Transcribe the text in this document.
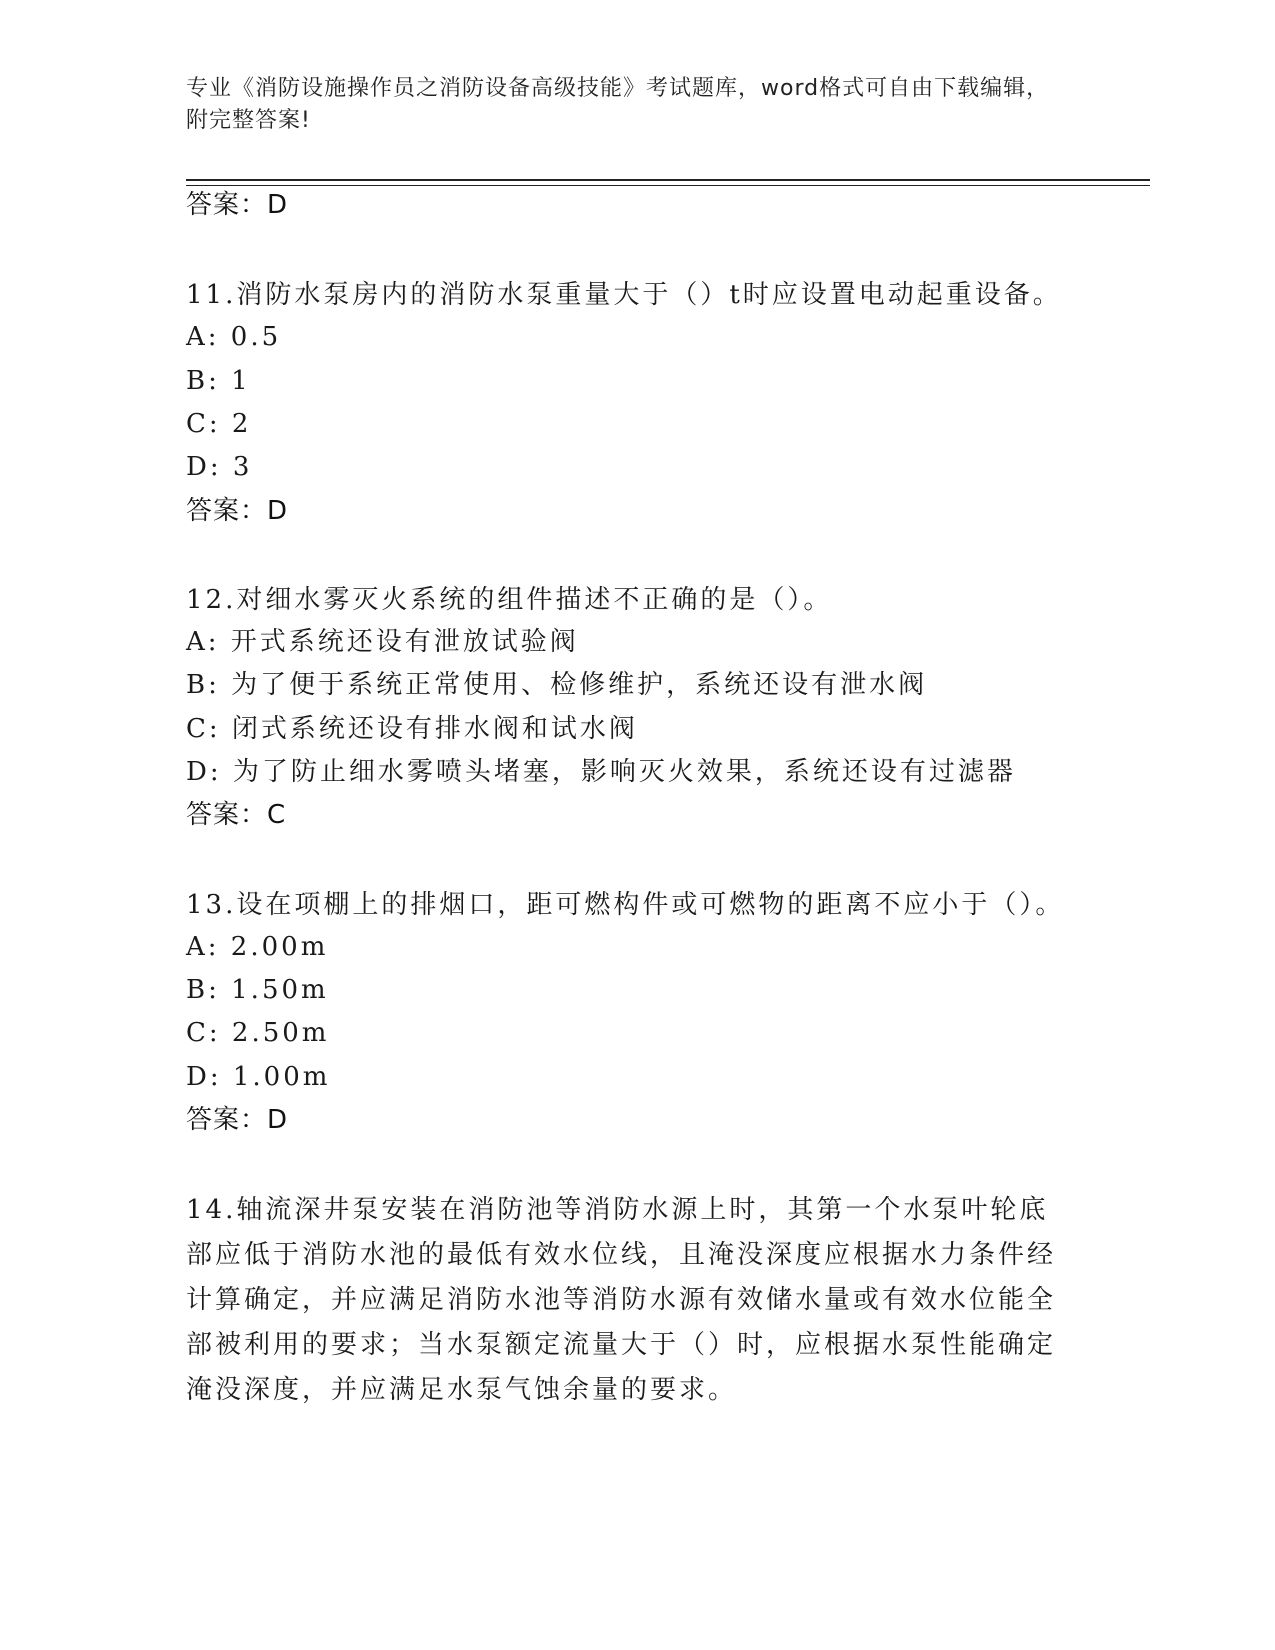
专业《消防设施操作员之消防设备高级技能》考试题库，word格式可自由下载编辑，附完整答案!
答案：D
11.消防水泵房内的消防水泵重量大于（）t时应设置电动起重设备。
A: 0.5
B: 1
C: 2
D: 3
答案：D
12.对细水雾灭火系统的组件描述不正确的是（）。
A: 开式系统还设有泄放试验阀
B: 为了便于系统正常使用、检修维护，系统还设有泄水阀
C: 闭式系统还设有排水阀和试水阀
D: 为了防止细水雾喷头堵塞，影响灭火效果，系统还设有过滤器
答案：C
13.设在项棚上的排烟口，距可燃构件或可燃物的距离不应小于（）。
A: 2.00m
B: 1.50m
C: 2.50m
D: 1.00m
答案：D
14.轴流深井泵安装在消防池等消防水源上时，其第一个水泵叶轮底部应低于消防水池的最低有效水位线，且淹没深度应根据水力条件经计算确定，并应满足消防水池等消防水源有效储水量或有效水位能全部被利用的要求；当水泵额定流量大于（）时，应根据水泵性能确定淹没深度，并应满足水泵气蚀余量的要求。
